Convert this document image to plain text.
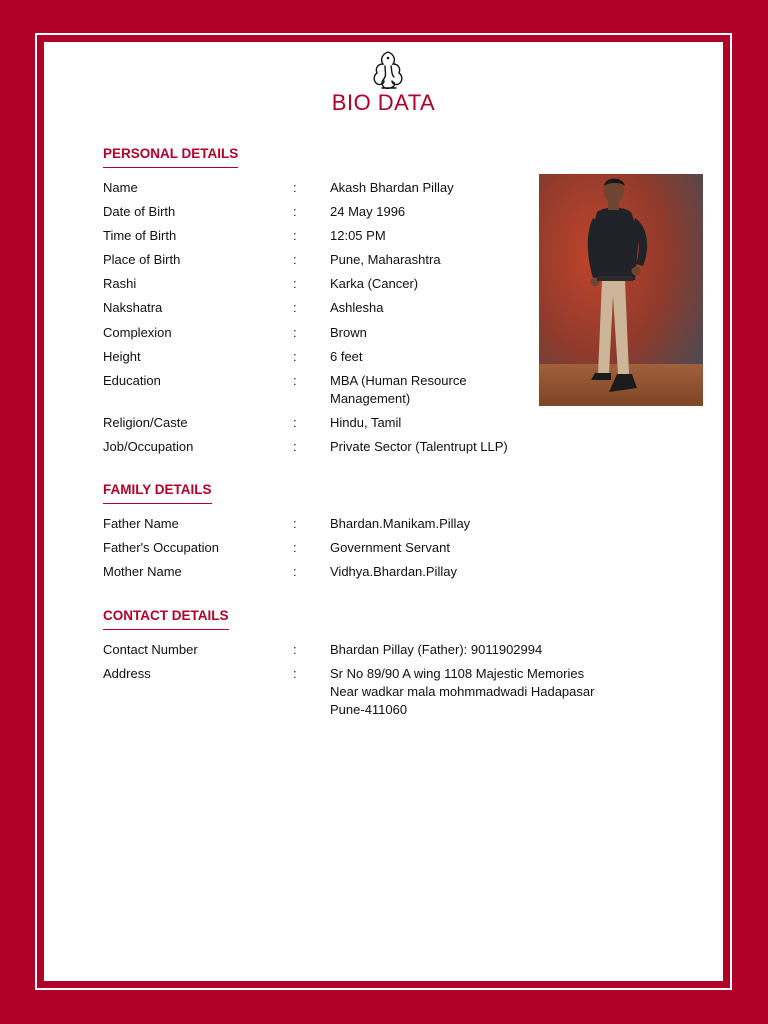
BIO DATA
PERSONAL DETAILS
Name	:	Akash Bhardan Pillay
Date of Birth	:	24 May 1996
Time of Birth	:	12:05 PM
Place of Birth	:	Pune, Maharashtra
Rashi	:	Karka (Cancer)
Nakshatra	:	Ashlesha
Complexion	:	Brown
Height	:	6 feet
Education	:	MBA (Human Resource Management)
Religion/Caste	:	Hindu, Tamil
Job/Occupation	:	Private Sector (Talentrupt LLP)
FAMILY DETAILS
Father Name	:	Bhardan.Manikam.Pillay
Father's Occupation	:	Government Servant
Mother Name	:	Vidhya.Bhardan.Pillay
CONTACT DETAILS
Contact Number	:	Bhardan Pillay (Father): 9011902994
Address	:	Sr No 89/90 A wing 1108 Majestic Memories Near wadkar mala mohmmadwadi Hadapasar Pune-411060
